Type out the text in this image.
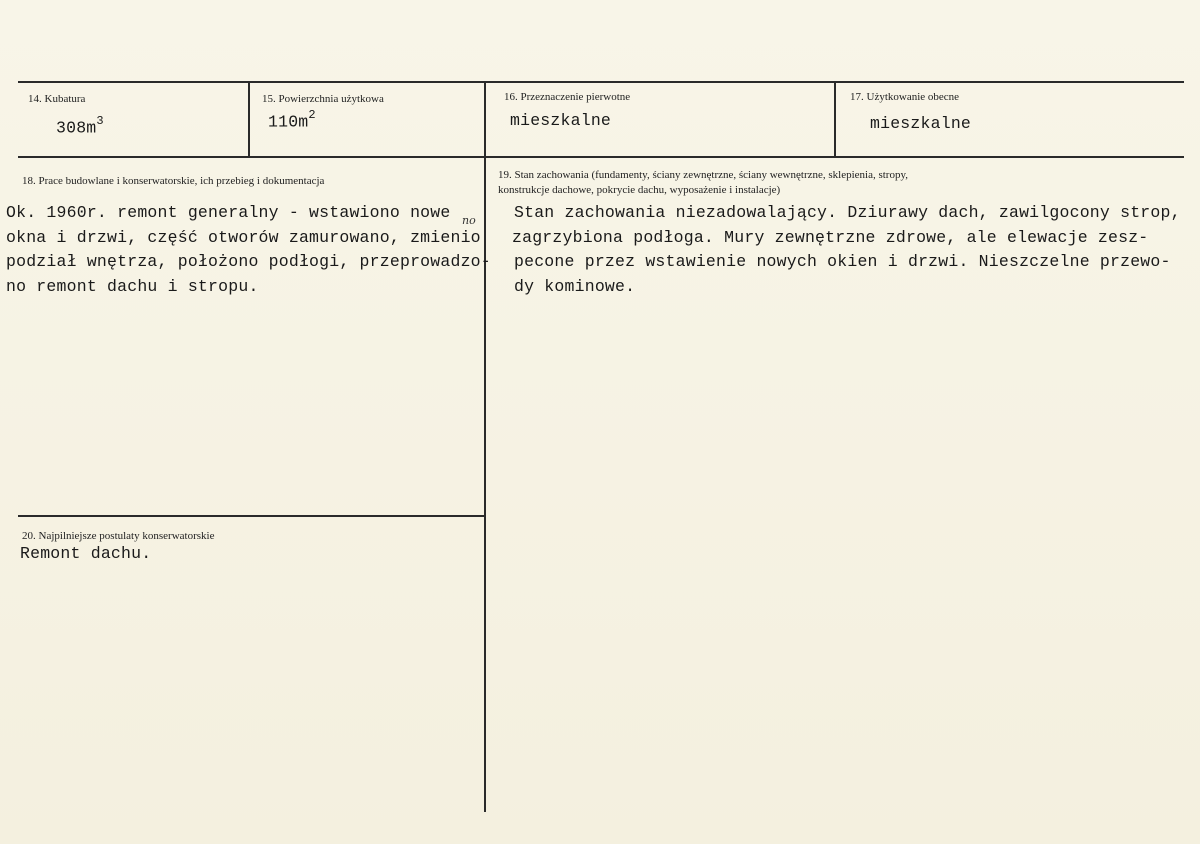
14. Kubatura
$308m^3$
15. Powierzchnia użytkowa
$110m^2$
16. Przeznaczenie pierwotne
mieszkalne
17. Użytkowanie obecne
mieszkalne
18. Prace budowlane i konserwatorskie, ich przebieg i dokumentacja
Ok. 1960r. remont generalny - wstawiono nowe
okna i drzwi, część otworów zamurowano, zmienio
podział wnętrza, położono podłogi, przeprowadzo-
no remont dachu i stropu.
no
19. Stan zachowania (fundamenty, ściany zewnętrzne, ściany wewnętrzne, sklepienia, stropy,
konstrukcje dachowe, pokrycie dachu, wyposażenie i instalacje)
Stan zachowania niezadowalający. Dziurawy dach, zawilgocony strop,
zagrzybiona podłoga. Mury zewnętrzne zdrowe, ale elewacje zesz-
pecone przez wstawienie nowych okien i drzwi. Nieszczelne przewo-
dy kominowe.
20. Najpilniejsze postulaty konserwatorskie
Remont dachu.
